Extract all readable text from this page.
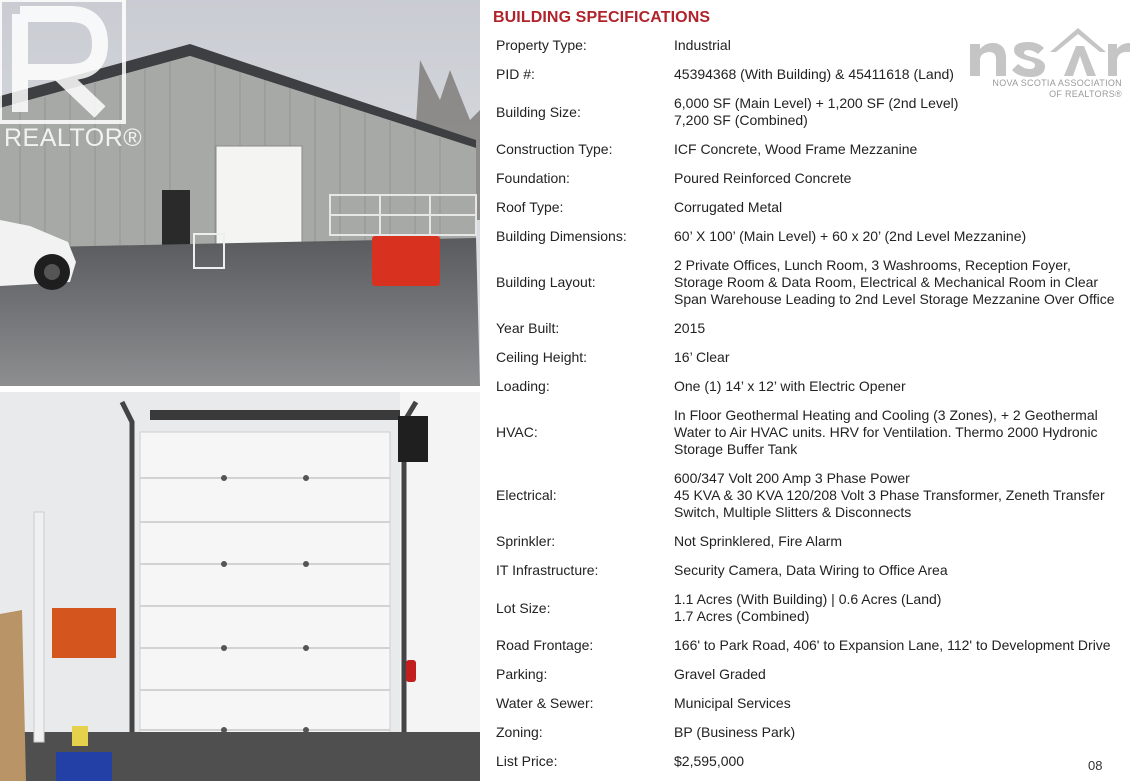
REALTOR®
BUILDING SPECIFICATIONS
NOVA SCOTIA ASSOCIATION
OF REALTORS®
Property Type:	Industrial
PID #:	45394368 (With Building) & 45411618 (Land)
Building Size:
6,000 SF (Main Level) + 1,200 SF (2nd Level)
7,200 SF (Combined)
Construction Type:	ICF Concrete, Wood Frame Mezzanine
Foundation:	Poured Reinforced Concrete
Roof Type:	Corrugated Metal
Building Dimensions:	60’ X 100’ (Main Level) + 60 x 20’ (2nd Level Mezzanine)
Building Layout:
2 Private Offices, Lunch Room, 3 Washrooms, Reception Foyer,
Storage Room & Data Room, Electrical & Mechanical Room in Clear
Span Warehouse Leading to 2nd Level Storage Mezzanine Over Office
Year Built:	2015
Ceiling Height:	16’ Clear
Loading:	One (1) 14’ x 12’ with Electric Opener
HVAC:
In Floor Geothermal Heating and Cooling (3 Zones), + 2 Geothermal
Water to Air HVAC units. HRV for Ventilation. Thermo 2000 Hydronic
Storage Buffer Tank
Electrical:
600/347 Volt 200 Amp 3 Phase Power
45 KVA & 30 KVA 120/208 Volt 3 Phase Transformer, Zeneth Transfer
Switch, Multiple Slitters & Disconnects
Sprinkler:	Not Sprinklered, Fire Alarm
IT Infrastructure:	Security Camera, Data Wiring to Office Area
Lot Size:
1.1 Acres (With Building) | 0.6 Acres (Land)
1.7 Acres (Combined)
Road Frontage:	166' to Park Road, 406' to Expansion Lane, 112' to Development Drive
Parking:	Gravel Graded
Water & Sewer:	Municipal Services
Zoning:	BP (Business Park)
List Price:	$2,595,000	08
